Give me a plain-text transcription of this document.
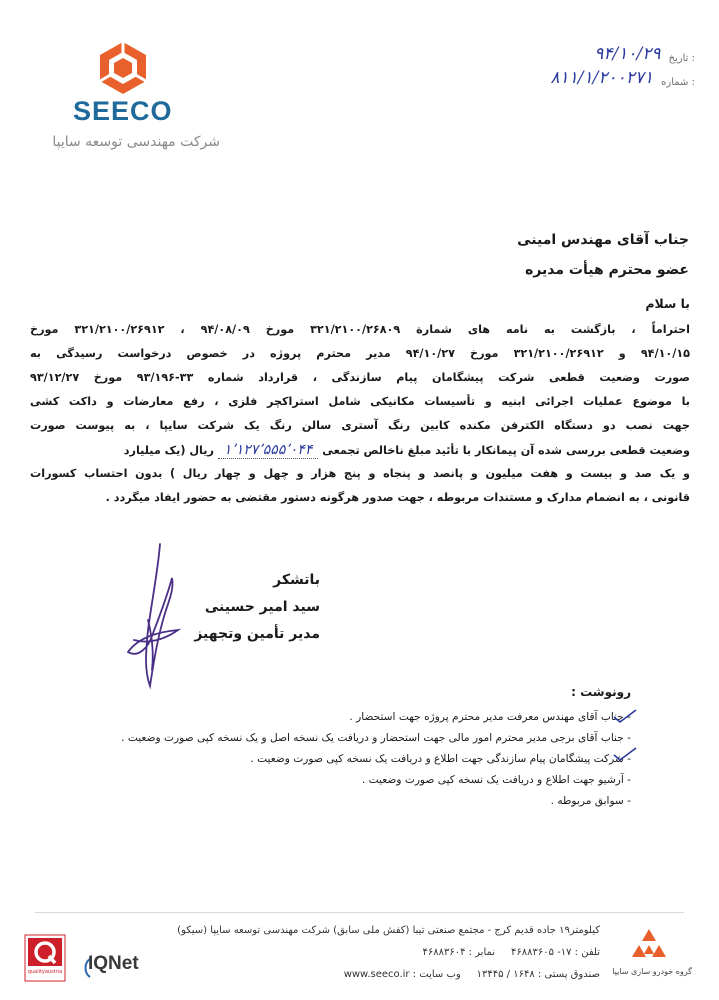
SEECO
شرکت مهندسی توسعه سایپا
تاریخ :
۹۴/۱۰/۲۹
شماره :
۸۱۱/۱/۲۰۰۲۷۱
جناب آقای مهندس امینی
عضو محترم هیأت مدیره
با سلام
احتراماً ، بازگشت به نامه های شمارة ۳۲۱/۲۱۰۰/۲۶۸۰۹ مورخ ۹۴/۰۸/۰۹ ، ۳۲۱/۲۱۰۰/۲۶۹۱۲ مورخ
۹۴/۱۰/۱۵ و ۳۲۱/۲۱۰۰/۲۶۹۱۲ مورخ ۹۴/۱۰/۲۷ مدیر محترم پروژه در خصوص درخواست رسیدگی به
صورت وضعیت قطعی شرکت پیشگامان پیام سازندگی ، قرارداد شماره ۳۳-۹۳/۱۹۶ مورخ ۹۳/۱۲/۲۷
با موضوع عملیات اجرائی ابنیه و تأسیسات مکانیکی شامل استراکچر فلزی ، رفع معارضات و داکت کشی
جهت نصب دو دستگاه الکترفن مکنده کابین رنگ آستری سالن رنگ یک شرکت سایپا ، به پیوست صورت
وضعیت قطعی بررسی شده آن پیمانکار با تأئید مبلغ ناخالص تجمعی ۱٬۱۲۷٬۵۵۵٬۰۴۴ ریال (یک میلیارد
و یک صد و بیست و هفت میلیون و پانصد و پنجاه و پنج هزار و چهل و چهار ریال ) بدون احتساب کسورات
قانونی ، به انضمام مدارک و مستندات مربوطه ، جهت صدور هرگونه دستور مقتضی به حضور ایفاد میگردد .
باتشکر
سید امیر حسینی
مدیر تأمین وتجهیز
رونوشت :
- جناب آقای مهندس معرفت مدیر محترم پروژه جهت استحضار .
- جناب آقای برجی مدیر محترم امور مالی جهت استحضار و دریافت یک نسخه اصل و یک نسخه کپی صورت وضعیت .
- شرکت پیشگامان پیام سازندگی جهت اطلاع و دریافت یک نسخه کپی صورت وضعیت .
- آرشیو جهت اطلاع و دریافت یک نسخه کپی صورت وضعیت .
- سوابق مربوطه .
کیلومتر۱۹ جاده قدیم کرج - مجتمع صنعتی تیبا (کفش ملی سابق) شرکت مهندسی توسعه سایپا (سیکو)
تلفن : ۱۷- ۴۶۸۸۳۶۰۵     نمابر : ۴۶۸۸۳۶۰۴
صندوق پستی : ۱۶۴۸ / ۱۳۴۴۵     وب سایت : www.seeco.ir	گروه خودرو سازی سایپا
qualityaustria IQNet
